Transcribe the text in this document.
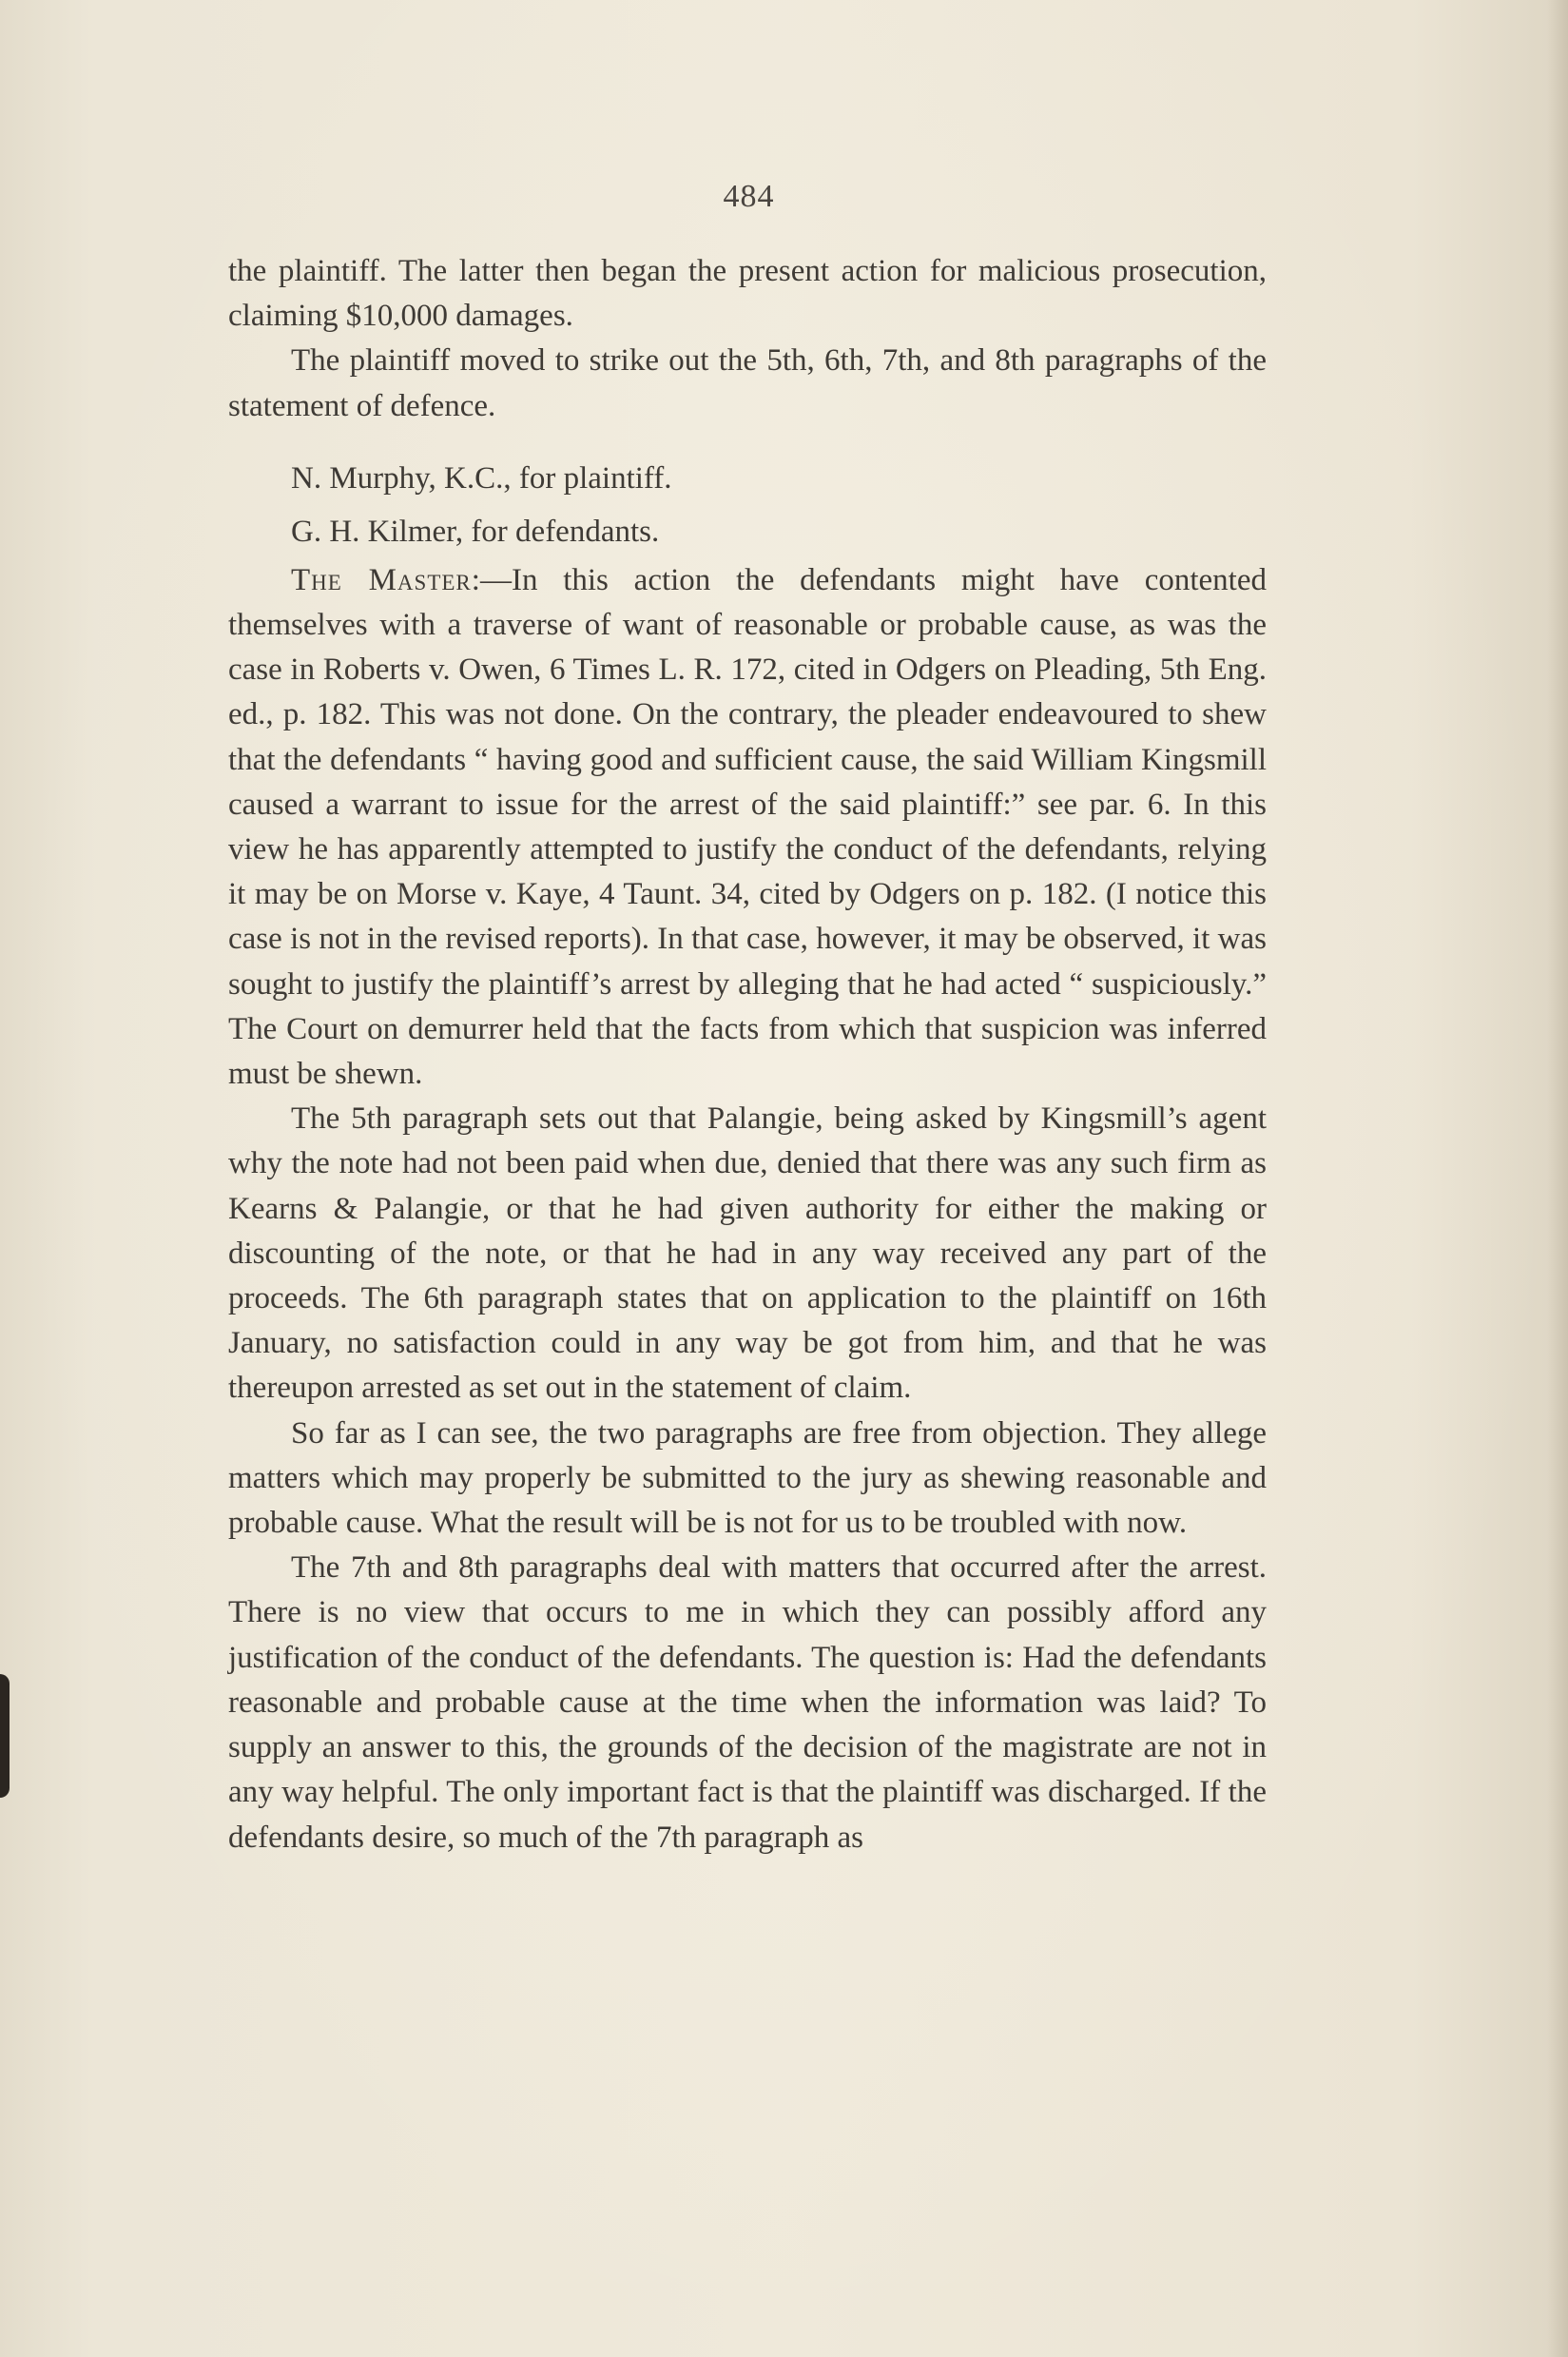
484

the plaintiff. The latter then began the present action for malicious prosecution, claiming $10,000 damages.

The plaintiff moved to strike out the 5th, 6th, 7th, and 8th paragraphs of the statement of defence.

N. Murphy, K.C., for plaintiff.
G. H. Kilmer, for defendants.

The Master:—In this action the defendants might have contented themselves with a traverse of want of reasonable or probable cause, as was the case in Roberts v. Owen, 6 Times L. R. 172, cited in Odgers on Pleading, 5th Eng. ed., p. 182. This was not done. On the contrary, the pleader endeavoured to shew that the defendants “ having good and sufficient cause, the said William Kingsmill caused a warrant to issue for the arrest of the said plaintiff:” see par. 6. In this view he has apparently attempted to justify the conduct of the defendants, relying it may be on Morse v. Kaye, 4 Taunt. 34, cited by Odgers on p. 182. (I notice this case is not in the revised reports). In that case, however, it may be observed, it was sought to justify the plaintiff’s arrest by alleging that he had acted “ suspiciously.” The Court on demurrer held that the facts from which that suspicion was inferred must be shewn.

The 5th paragraph sets out that Palangie, being asked by Kingsmill’s agent why the note had not been paid when due, denied that there was any such firm as Kearns & Palangie, or that he had given authority for either the making or discounting of the note, or that he had in any way received any part of the proceeds. The 6th paragraph states that on application to the plaintiff on 16th January, no satisfaction could in any way be got from him, and that he was thereupon arrested as set out in the statement of claim.

So far as I can see, the two paragraphs are free from objection. They allege matters which may properly be submitted to the jury as shewing reasonable and probable cause. What the result will be is not for us to be troubled with now.

The 7th and 8th paragraphs deal with matters that occurred after the arrest. There is no view that occurs to me in which they can possibly afford any justification of the conduct of the defendants. The question is: Had the defendants reasonable and probable cause at the time when the information was laid? To supply an answer to this, the grounds of the decision of the magistrate are not in any way helpful. The only important fact is that the plaintiff was discharged. If the defendants desire, so much of the 7th paragraph as
